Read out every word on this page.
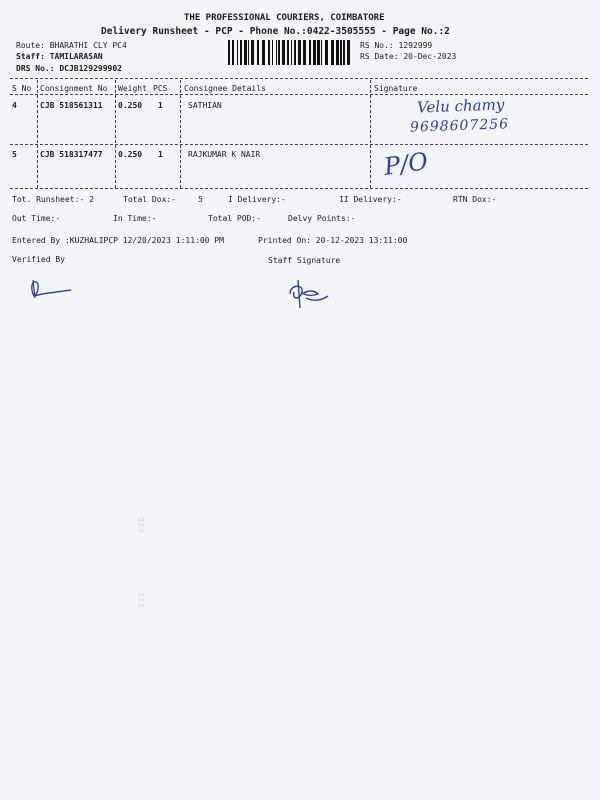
THE PROFESSIONAL COURIERS, COIMBATORE
Delivery Runsheet - PCP - Phone No.:0422-3505555 - Page No.:2
Route: BHARATHI CLY PC4
Staff: TAMILARASAN
DRS No.: DCJB129299902
RS No.: 1292999
RS Date: 20-Dec-2023
S No Consignment No Weight PCS Consignee Details	Signature
4	CJB 518561311 0.250 1	SATHIAN	Velu chamy
9698607256
5	CJB 518317477 0.250 1	RAJKUMAR K NAIR	P/O
Tot. Runsheet:- 2	Total Dox:-	5	I Delivery:-	II Delivery:-	RTN Dox:-
Out Time:-	In Time:-	Total POD:-	Delvy Points:-
Entered By :KUZHALIPCP 12/20/2023 1:11:00 PM	Printed On: 20-12-2023 13:11:00
Verified By	Staff Signature
▯▯▯
▯▯▯
